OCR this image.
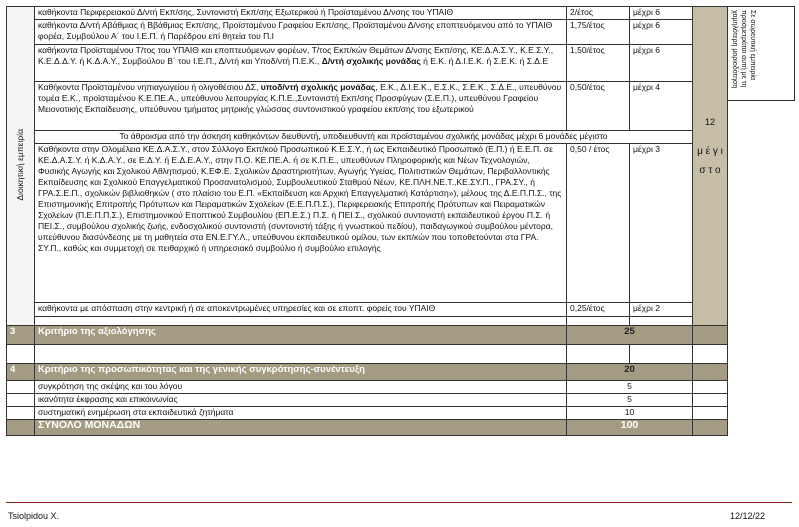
Διοικητική εμπειρία	καθήκοντα Περιφερειακού Δ/ντή Εκπ/σης, Συντονιστή Εκπ/σης Εξωτερικού ή Προϊσταμένου Δ/νσης του ΥΠΑΙΘ	2/έτος	μέχρι 6	12
μ έ γ ι σ τ ο

	καθήκοντα Δ/ντή Αβάθμιας ή Ββάθμιας Εκπ/σης, Προϊσταμένου Γραφείου Εκπ/σης, Προϊσταμένου Δ/νσης εποπτευόμενου από το ΥΠΑΙΘ φορέα, Συμβούλου Α΄ του Ι.Ε.Π. ή Παρέδρου επί θητεία του Π.Ι	1,75/έτος	μέχρι 6	
	καθήκοντα Προϊσταμένου Τ/τος του ΥΠΑΙΘ και εποπτευόμενων φορέων, Τ/τος Εκπ/κών Θεμάτων Δ/νσης Εκπ/σης, ΚΕ.Δ.Α.Σ.Υ., Κ.Ε.Σ.Υ., Κ.Ε.Δ.Δ.Υ. ή Κ.Δ.Α.Υ., Συμβούλου Β΄ του Ι.Ε.Π., Δ/ντή και Υποδ/ντή Π.Ε.Κ., Δ/ντή σχολικής μονάδας ή Ε.Κ. ή Δ.Ι.Ε.Κ. ή Σ.Ε.Κ. ή Σ.Δ.Ε	1,50/έτος	μέχρι 6	
	Καθήκοντα Προϊσταμένου νηπιαγωγείου ή ολιγοθέσιου ΔΣ, υποδ/ντή σχολικής μονάδας, Ε.Κ., Δ.Ι.Ε.Κ., Ε.Σ.Κ., Σ.Ε.Κ., Σ.Δ.Ε., υπευθύνου τομέα Ε.Κ., προϊσταμένου Κ.Ε.ΠΕ.Α., υπεύθυνου λειτουργίας Κ.Π.Ε.,Συντονιστή Εκπ/σης Προσφύγων (Σ.Ε.Π.), υπευθύνου Γραφείου Μειονοτικής Εκπαίδευσης, υπεύθυνου τμήματος μητρικής γλώσσας συντονιστικού γραφείου εκπ/σης του εξωτερικού	0,50/έτος	μέχρι 4	
	Το άθροισμα από την άσκηση καθηκόντων διευθυντή, υποδιευθυντή και προϊσταμένου σχολικής μονάδας μέχρι 6 μονάδες μέγιστο			
	Καθήκοντα στην Ολομέλεια ΚΕ.Δ.Α.Σ.Υ., στον Σύλλογο Εκπ/κού Προσωπικού Κ.Ε.Σ.Υ., ή ως Εκπαιδευτικό Προσωπικό (Ε.Π.) ή Ε.Ε.Π. σε ΚΕ.Δ.Α.Σ.Υ. ή Κ.Δ.Α.Υ., σε Ε.Δ.Υ. ή Ε.Δ.Ε.Α.Υ., στην Π.Ο. ΚΕ.ΠΕ.Α. ή σε Κ.Π.Ε., υπευθύνων Πληροφορικής και Νέων Τεχνολογιών, Φυσικής Αγωγής και Σχολικού Αθλητισμού, Κ.ΕΦ.Ε. Σχολικών Δραστηριοτήτων, Αγωγής Υγείας, Πολιτιστικών Θεμάτων, Περιβαλλοντικής Εκπαίδευσης και Σχολικού Επαγγελματικού Προσανατολισμού, Συμβουλευτικού Σταθμού Νέων, ΚΕ.ΠΛΗ.ΝΕ.Τ.,ΚΕ.ΣΥ.Π., ΓΡΑ.ΣΥ., ή ΓΡΑ.Σ.Ε.Π., σχολικών βιβλιοθηκών ( στο πλαίσιο του Ε.Π. «Εκπαίδευση και Αρχική Επαγγελματική Κατάρτιση»), μέλους της Δ.Ε.Π.Π.Σ., της Επιστημονικής Επιτροπής Πρότυπων και Πειραματικών Σχολείων (Ε.Ε.Π.Π.Σ.), Περιφερειακής Επιτροπής Πρότυπων και Πειραματικών Σχολείων (Π.Ε.Π.Π.Σ.), Επιστημονικού Εποπτικού Συμβουλίου (ΕΠ.Ε.Σ.) Π.Σ. ή ΠΕΙ.Σ., σχολικού συντονιστή εκπαιδευτικού έργου Π.Σ. ή ΠΕΙ.Σ., συμβούλου σχολικής ζωής, ενδοσχολικού συντονιστή (συντονιστή τάξης ή γνωστικού πεδίου), παιδαγωγικού συμβούλου μέντορα, υπεύθυνου διασύνδεσης με τη μαθητεία στα ΕΝ.Ε.ΓΥ.Λ., υπεύθυνου εκπαιδευτικού ομίλου, των εκπ/κών που τοποθετούνται στα ΓΡΑ. ΣΥ.Π., καθώς και συμμετοχή σε πειθαρχικό ή υπηρεσιακό συμβούλιο ή συμβούλιο επιλογής	0,50 / έτος	μέχρι 3	
	καθήκοντα με απόσπαση στην κεντρική ή σε αποκεντρωμένες υπηρεσίες και σε εποπτ. φορείς του ΥΠΑΙΘ	0,25/έτος	μέχρι 2	

3	Κριτήριο της αξιολόγησης	25		

4	Κριτήριο της προσωπικότητας και της γενικής συγκρότησης-συνέντευξη	20		
	συγκρότηση της σκέψης και του λόγου	5		
	ικανότητα έκφρασης και επικοινωνίας	5		
	συστηματική ενημέρωση στα εκπαιδευτικά ζητήματα	10		
	ΣΥΝΟΛΟ ΜΟΝΑΔΩΝ	100		
Σε σωρευτική εμπειρία προσμετράται αυτή με τη χαμηλότερη μοριοδότηση
Tsiolpidou X.	12/12/22
